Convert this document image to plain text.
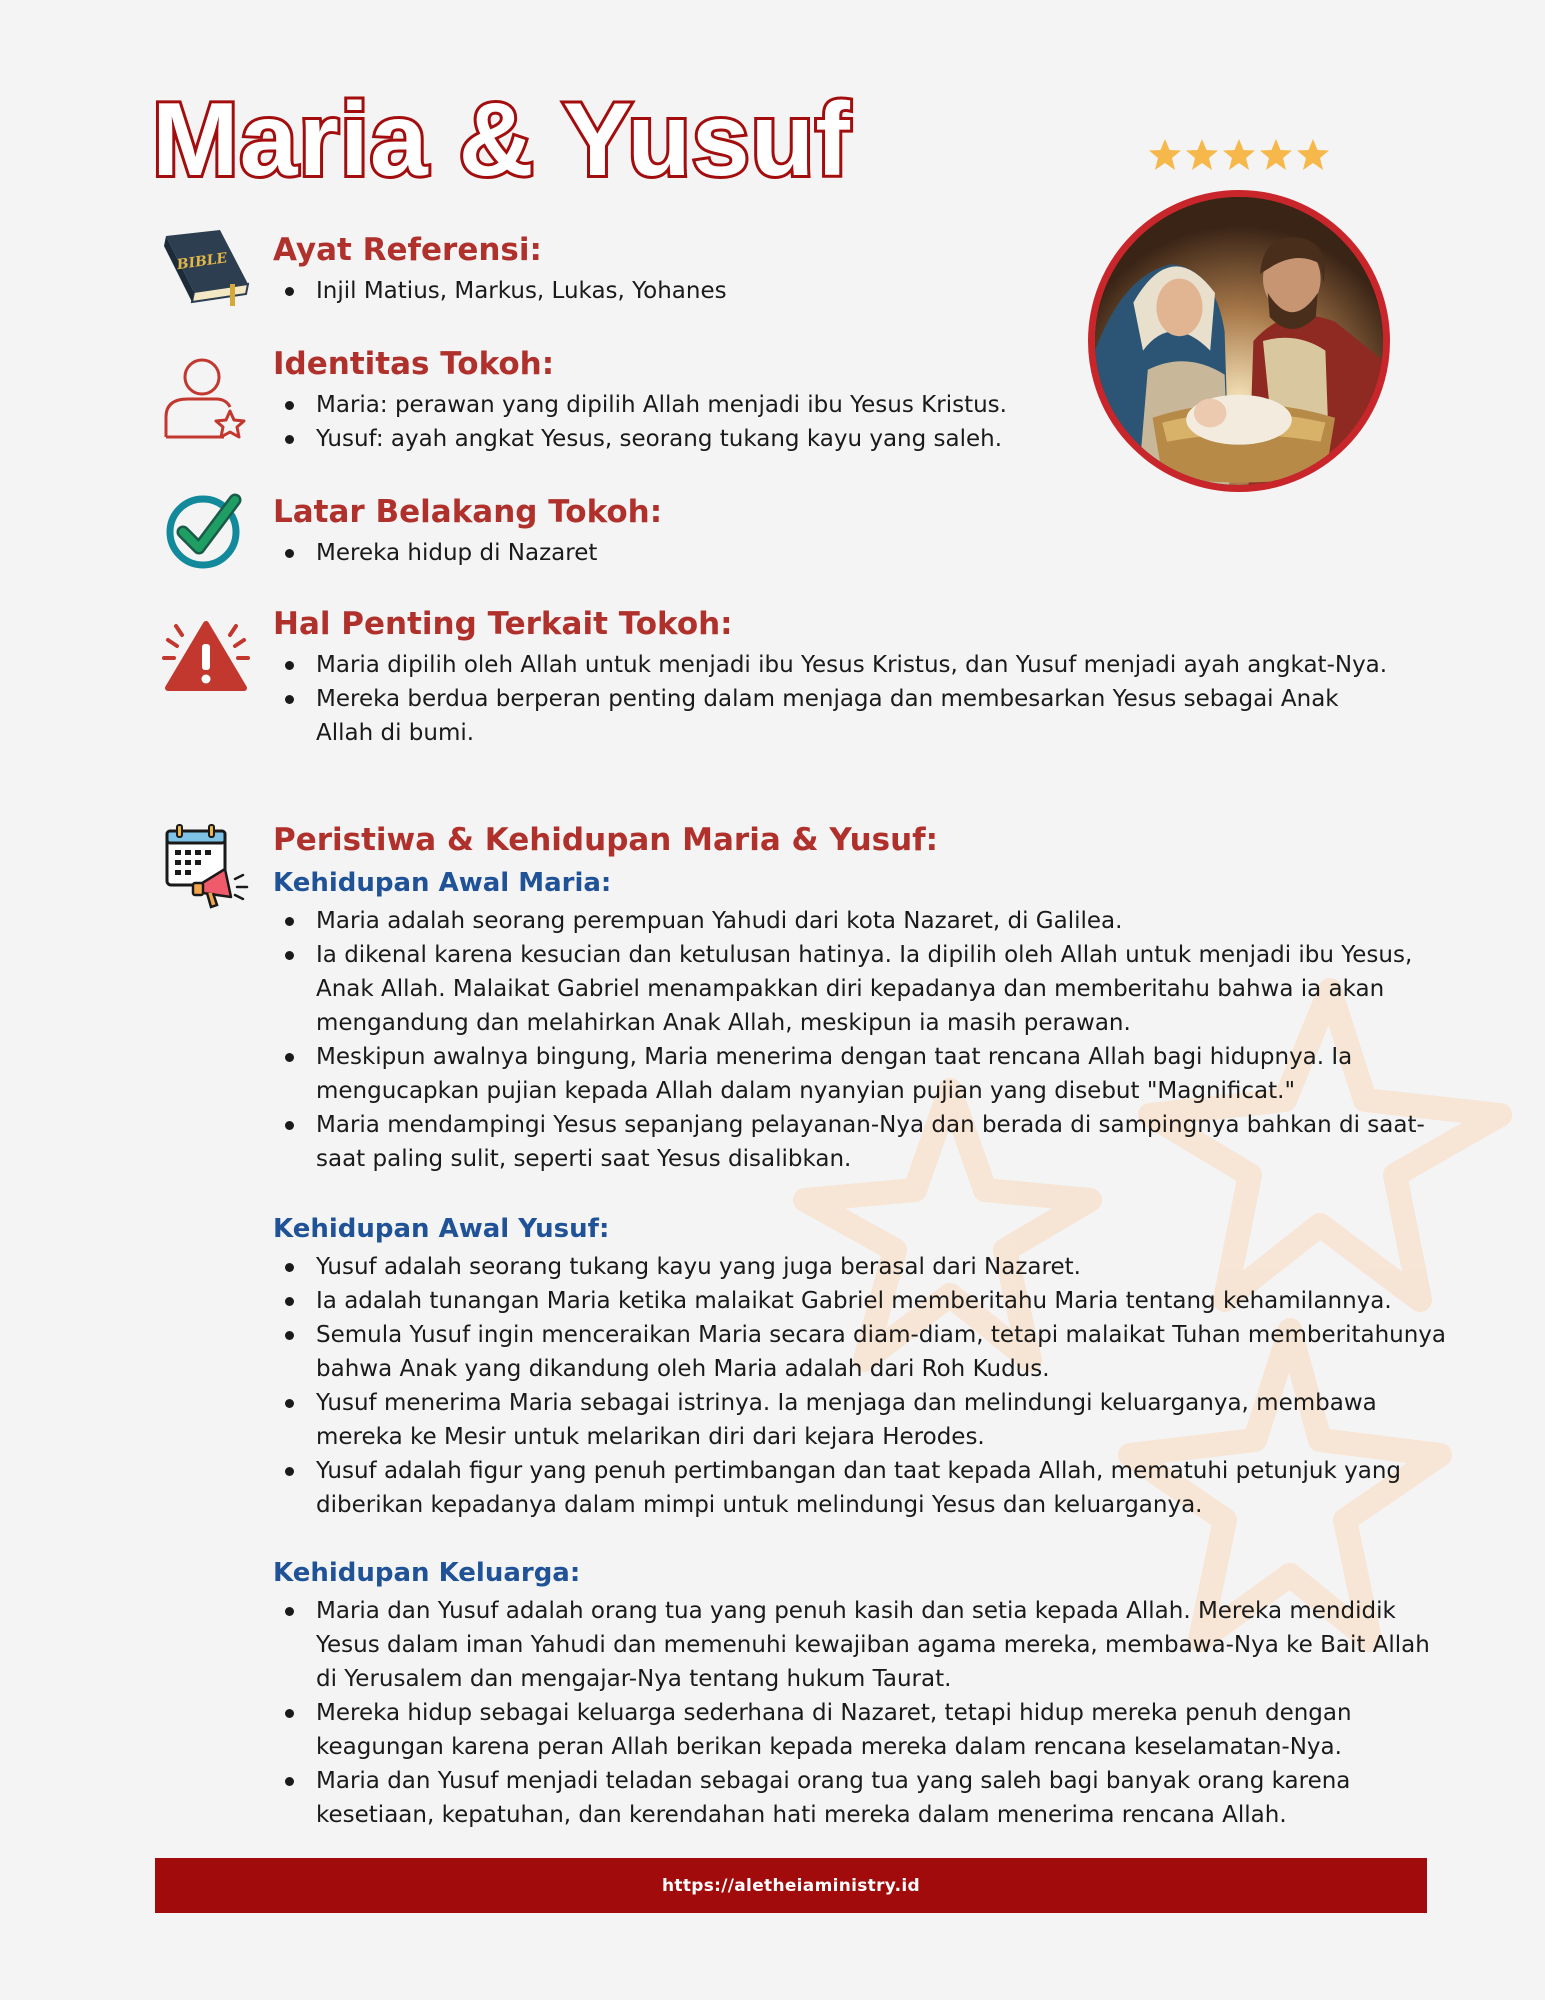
Maria & Yusuf
BIBLE Ayat Referensi:
Injil Matius, Markus, Lukas, Yohanes
Identitas Tokoh:
Maria: perawan yang dipilih Allah menjadi ibu Yesus Kristus.
Yusuf: ayah angkat Yesus, seorang tukang kayu yang saleh.
Latar Belakang Tokoh:
Mereka hidup di Nazaret
Hal Penting Terkait Tokoh:
Maria dipilih oleh Allah untuk menjadi ibu Yesus Kristus, dan Yusuf menjadi ayah angkat-Nya.
Mereka berdua berperan penting dalam menjaga dan membesarkan Yesus sebagai Anak Allah di bumi.
Peristiwa & Kehidupan Maria & Yusuf:
Kehidupan Awal Maria:
Maria adalah seorang perempuan Yahudi dari kota Nazaret, di Galilea.
Ia dikenal karena kesucian dan ketulusan hatinya. Ia dipilih oleh Allah untuk menjadi ibu Yesus, Anak Allah. Malaikat Gabriel menampakkan diri kepadanya dan memberitahu bahwa ia akan mengandung dan melahirkan Anak Allah, meskipun ia masih perawan.
Meskipun awalnya bingung, Maria menerima dengan taat rencana Allah bagi hidupnya. Ia mengucapkan pujian kepada Allah dalam nyanyian pujian yang disebut "Magnificat."
Maria mendampingi Yesus sepanjang pelayanan-Nya dan berada di sampingnya bahkan di saat-saat paling sulit, seperti saat Yesus disalibkan.
Kehidupan Awal Yusuf:
Yusuf adalah seorang tukang kayu yang juga berasal dari Nazaret.
Ia adalah tunangan Maria ketika malaikat Gabriel memberitahu Maria tentang kehamilannya.
Semula Yusuf ingin menceraikan Maria secara diam-diam, tetapi malaikat Tuhan memberitahunya bahwa Anak yang dikandung oleh Maria adalah dari Roh Kudus.
Yusuf menerima Maria sebagai istrinya. Ia menjaga dan melindungi keluarganya, membawa mereka ke Mesir untuk melarikan diri dari kejara Herodes.
Yusuf adalah figur yang penuh pertimbangan dan taat kepada Allah, mematuhi petunjuk yang diberikan kepadanya dalam mimpi untuk melindungi Yesus dan keluarganya.
Kehidupan Keluarga:
Maria dan Yusuf adalah orang tua yang penuh kasih dan setia kepada Allah. Mereka mendidik Yesus dalam iman Yahudi dan memenuhi kewajiban agama mereka, membawa-Nya ke Bait Allah di Yerusalem dan mengajar-Nya tentang hukum Taurat.
Mereka hidup sebagai keluarga sederhana di Nazaret, tetapi hidup mereka penuh dengan keagungan karena peran Allah berikan kepada mereka dalam rencana keselamatan-Nya.
Maria dan Yusuf menjadi teladan sebagai orang tua yang saleh bagi banyak orang karena kesetiaan, kepatuhan, dan kerendahan hati mereka dalam menerima rencana Allah.
https://aletheiaministry.id
